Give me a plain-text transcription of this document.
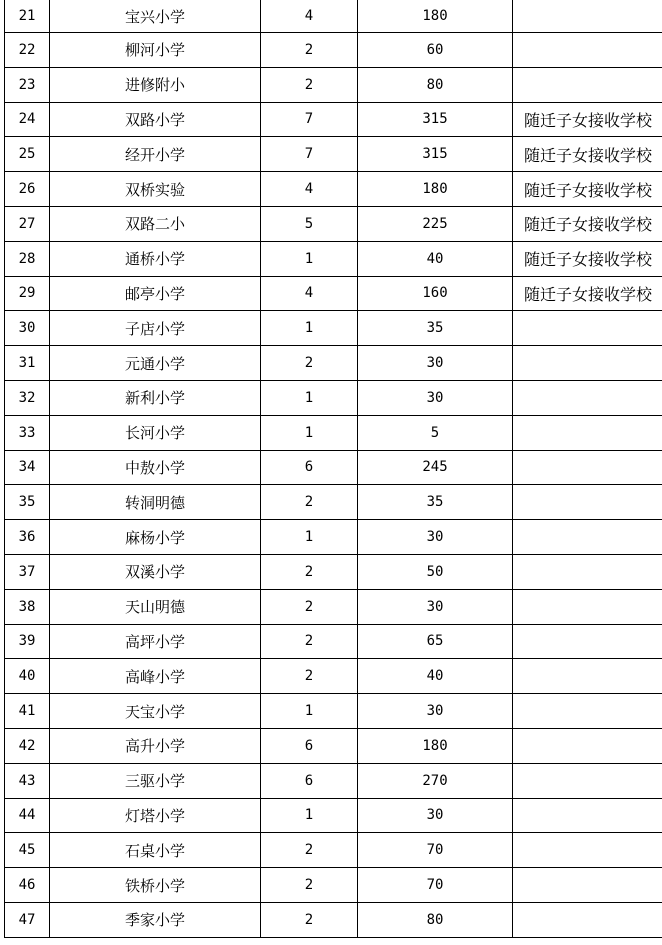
21	宝兴小学	4	180	
22	柳河小学	2	60	
23	进修附小	2	80	
24	双路小学	7	315	随迁子女接收学校
25	经开小学	7	315	随迁子女接收学校
26	双桥实验	4	180	随迁子女接收学校
27	双路二小	5	225	随迁子女接收学校
28	通桥小学	1	40	随迁子女接收学校
29	邮亭小学	4	160	随迁子女接收学校
30	子店小学	1	35	
31	元通小学	2	30	
32	新利小学	1	30	
33	长河小学	1	5	
34	中敖小学	6	245	
35	转洞明德	2	35	
36	麻杨小学	1	30	
37	双溪小学	2	50	
38	天山明德	2	30	
39	高坪小学	2	65	
40	高峰小学	2	40	
41	天宝小学	1	30	
42	高升小学	6	180	
43	三驱小学	6	270	
44	灯塔小学	1	30	
45	石桌小学	2	70	
46	铁桥小学	2	70	
47	季家小学	2	80	
